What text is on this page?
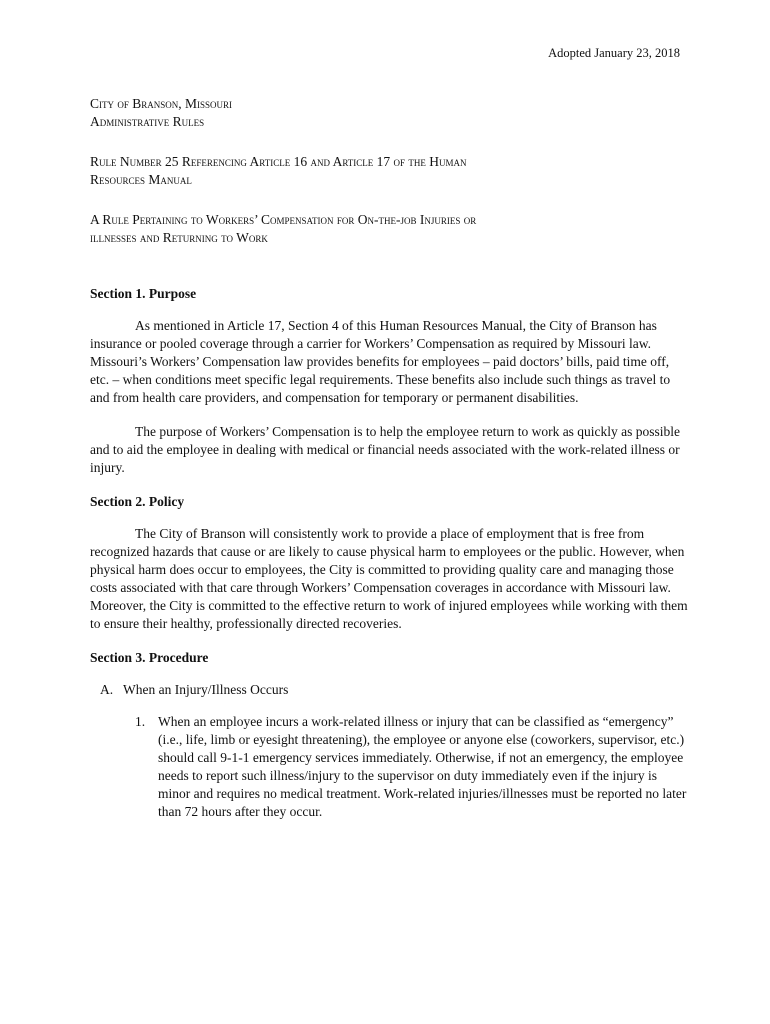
Adopted January 23, 2018
City of Branson, Missouri
Administrative Rules
Rule Number 25 Referencing Article 16 and Article 17 of the Human
Resources Manual
A Rule Pertaining to Workers’ Compensation for On-the-job Injuries or
illnesses and Returning to Work
Section 1. Purpose

As mentioned in Article 17, Section 4 of this Human Resources Manual, the City of Branson has insurance or pooled coverage through a carrier for Workers’ Compensation as required by Missouri law. Missouri’s Workers’ Compensation law provides benefits for employees – paid doctors’ bills, paid time off, etc. – when conditions meet specific legal requirements. These benefits also include such things as travel to and from health care providers, and compensation for temporary or permanent disabilities.

The purpose of Workers’ Compensation is to help the employee return to work as quickly as possible and to aid the employee in dealing with medical or financial needs associated with the work-related illness or injury.

Section 2. Policy

The City of Branson will consistently work to provide a place of employment that is free from recognized hazards that cause or are likely to cause physical harm to employees or the public. However, when physical harm does occur to employees, the City is committed to providing quality care and managing those costs associated with that care through Workers’ Compensation coverages in accordance with Missouri law. Moreover, the City is committed to the effective return to work of injured employees while working with them to ensure their healthy, professionally directed recoveries.

Section 3. Procedure
A. When an Injury/Illness Occurs
1. When an employee incurs a work-related illness or injury that can be classified as “emergency” (i.e., life, limb or eyesight threatening), the employee or anyone else (coworkers, supervisor, etc.) should call 9-1-1 emergency services immediately. Otherwise, if not an emergency, the employee needs to report such illness/injury to the supervisor on duty immediately even if the injury is minor and requires no medical treatment. Work-related injuries/illnesses must be reported no later than 72 hours after they occur.
